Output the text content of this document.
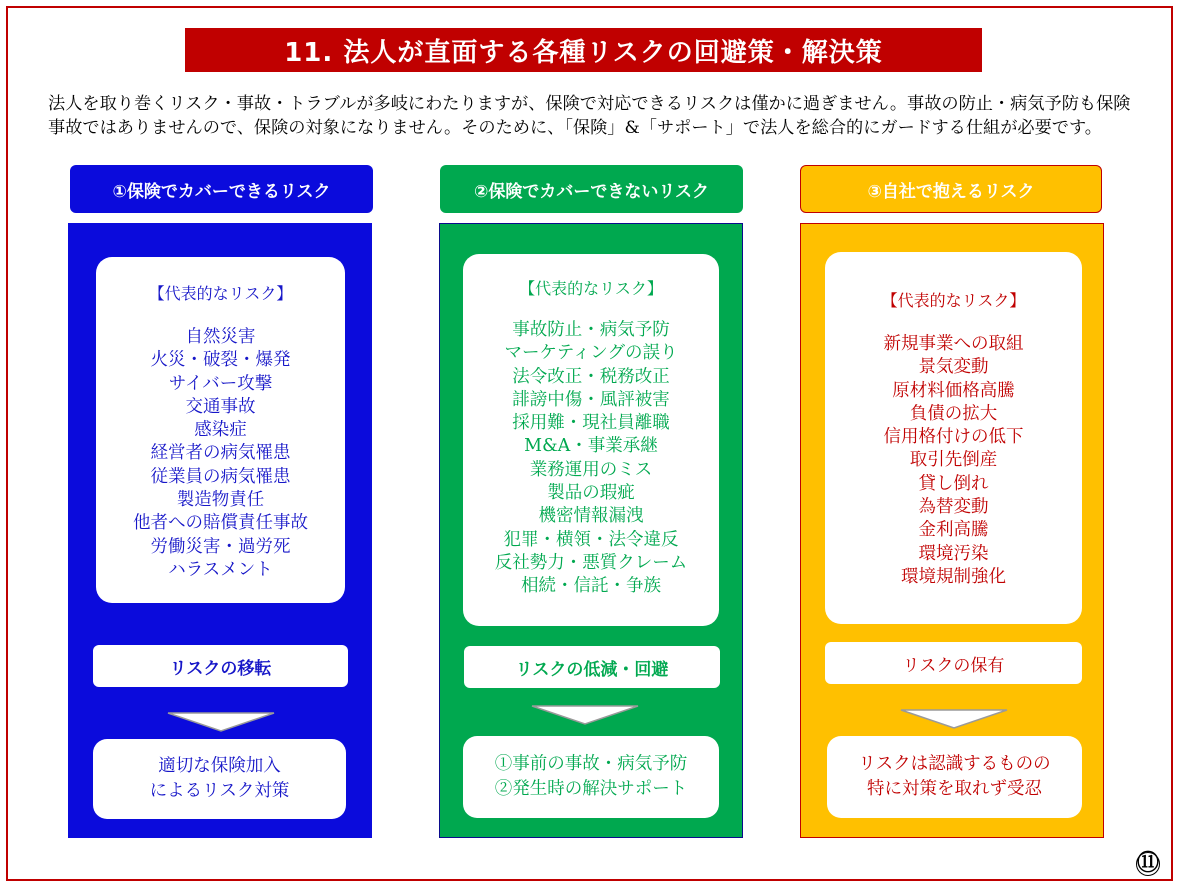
11. 法人が直面する各種リスクの回避策・解決策

法人を取り巻くリスク・事故・トラブルが多岐にわたりますが、保険で対応できるリスクは僅かに過ぎません。事故の防止・病気予防も保険事故ではありませんので、保険の対象になりません。そのために、「保険」&「サポート」で法人を総合的にガードする仕組が必要です。

①保険でカバーできるリスク
【代表的なリスク】
自然災害
火災・破裂・爆発
サイバー攻撃
交通事故
感染症
経営者の病気罹患
従業員の病気罹患
製造物責任
他者への賠償責任事故
労働災害・過労死
ハラスメント
リスクの移転
適切な保険加入
によるリスク対策
②保険でカバーできないリスク
【代表的なリスク】
事故防止・病気予防
マーケティングの誤り
法令改正・税務改正
誹謗中傷・風評被害
採用難・現社員離職
M&A・事業承継
業務運用のミス
製品の瑕疵
機密情報漏洩
犯罪・横領・法令違反
反社勢力・悪質クレーム
相続・信託・争族
リスクの低減・回避
①事前の事故・病気予防
②発生時の解決サポート
③自社で抱えるリスク
【代表的なリスク】
新規事業への取組
景気変動
原材料価格高騰
負債の拡大
信用格付けの低下
取引先倒産
貸し倒れ
為替変動
金利高騰
環境汚染
環境規制強化
リスクの保有
リスクは認識するものの
特に対策を取れず受忍
⑪
